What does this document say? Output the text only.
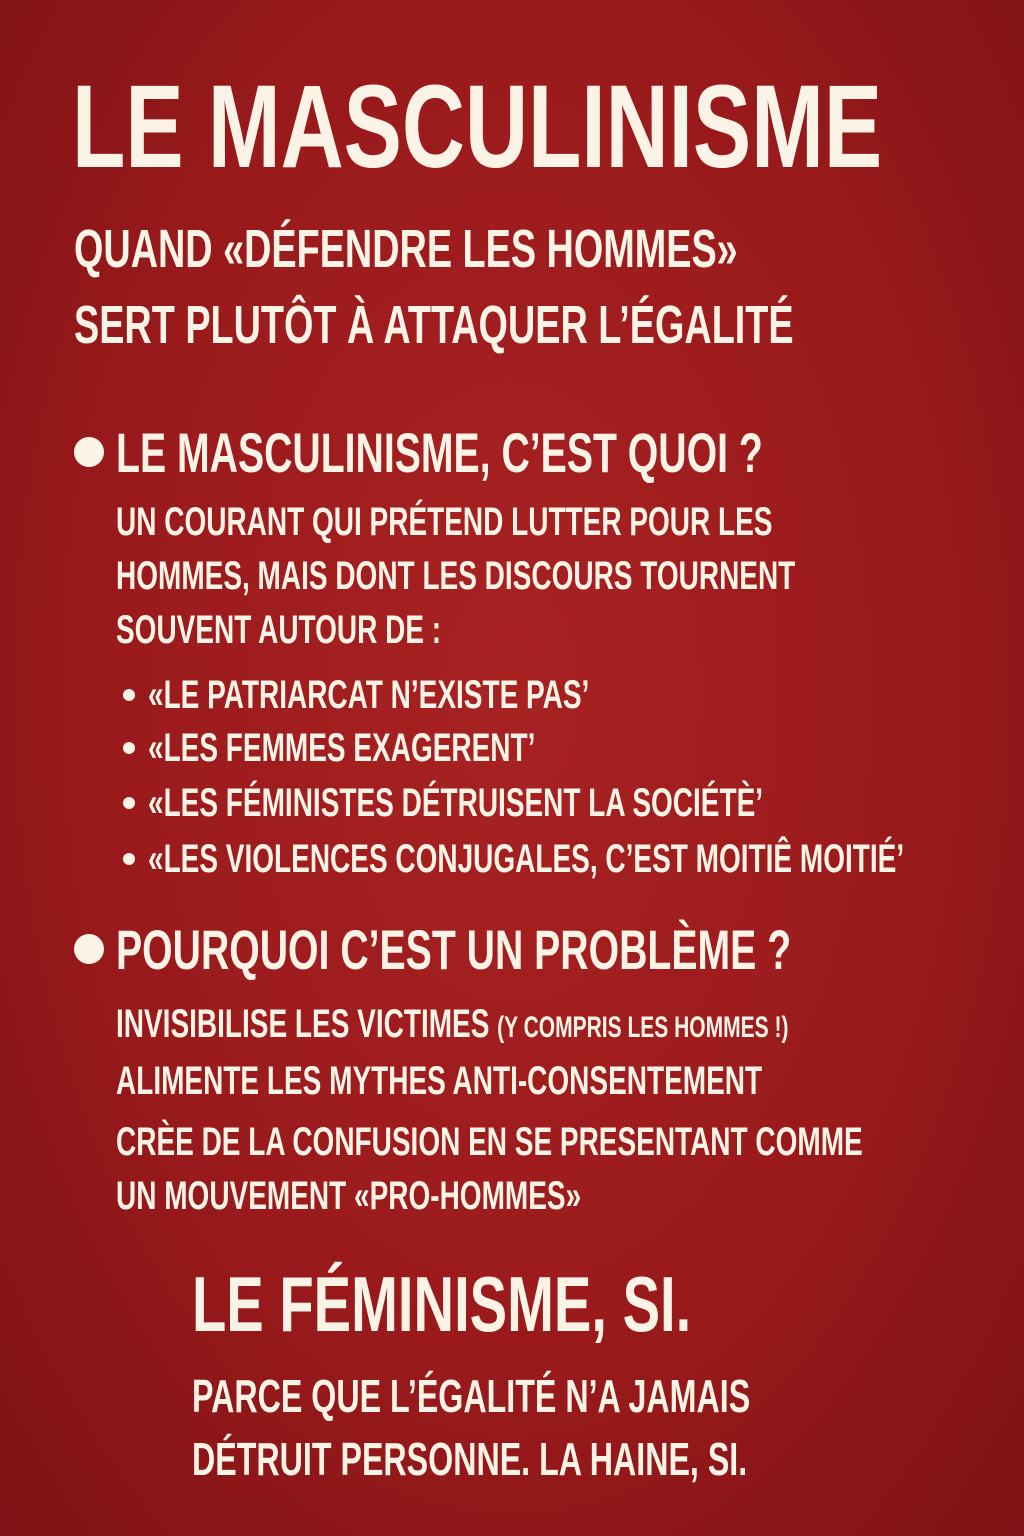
LE MASCULINISME
QUAND «DÉFENDRE LES HOMMES»
SERT PLUTÔT À ATTAQUER L’ÉGALITÉ
LE MASCULINISME, C’EST QUOI ?
UN COURANT QUI PRÉTEND LUTTER POUR LES
HOMMES, MAIS DONT LES DISCOURS TOURNENT
SOUVENT AUTOUR DE :
«LE PATRIARCAT N’EXISTE PAS’
«LES FEMMES EXAGERENT’
«LES FÉMINISTES DÉTRUISENT LA SOCIÉTÈ’
«LES VIOLENCES CONJUGALES, C’EST MOITIÊ MOITIÉ’
POURQUOI C’EST UN PROBLÈME ?
INVISIBILISE LES VICTIMES (Y COMPRIS LES HOMMES !)
ALIMENTE LES MYTHES ANTI-CONSENTEMENT
CRÈE DE LA CONFUSION EN SE PRESENTANT COMME
UN MOUVEMENT «PRO-HOMMES»
LE FÉMINISME, SI.
PARCE QUE L’ÉGALITÉ N’A JAMAIS
DÉTRUIT PERSONNE. LA HAINE, SI.
